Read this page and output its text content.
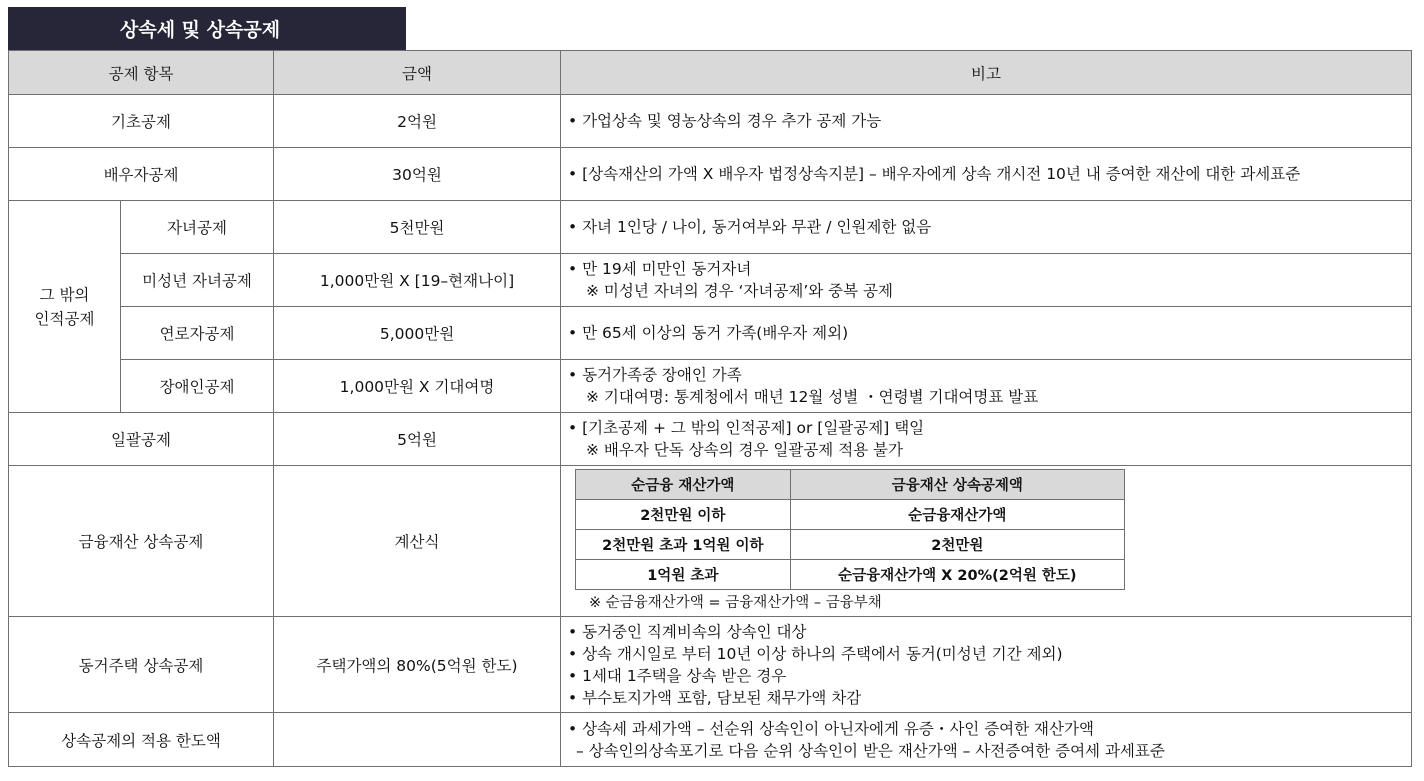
상속세 및 상속공제
공제 항목	금액	비고
기초공제	2억원	• 가업상속 및 영농상속의 경우 추가 공제 가능

배우자공제	30억원	• [상속재산의 가액 X 배우자 법정상속지분] – 배우자에게 상속 개시전 10년 내 증여한 재산에 대한 과세표준

그 밖의
인적공제	자녀공제	5천만원	• 자녀 1인당 / 나이, 동거여부와 무관 / 인원제한 없음

미성년 자녀공제	1,000만원 X [19–현재나이]	
• 만 19세 미만인 동거자녀
※ 미성년 자녀의 경우 ‘자녀공제’와 중복 공제

연로자공제	5,000만원	• 만 65세 이상의 동거 가족(배우자 제외)

장애인공제	1,000만원 X 기대여명	
• 동거가족중 장애인 가족
※ 기대여명: 통계청에서 매년 12월 성별 ・연령별 기대여명표 발표

일괄공제	5억원	
• [기초공제 + 그 밖의 인적공제] or [일괄공제] 택일
※ 배우자 단독 상속의 경우 일괄공제 적용 불가

금융재산 상속공제	계산식	
순금융 재산가액	금융재산 상속공제액
2천만원 이하	순금융재산가액
2천만원 초과 1억원 이하	2천만원
1억원 초과	순금융재산가액 X 20%(2억원 한도)
※ 순금융재산가액 = 금융재산가액 – 금융부채

동거주택 상속공제	주택가액의 80%(5억원 한도)	
• 동거중인 직계비속의 상속인 대상
• 상속 개시일로 부터 10년 이상 하나의 주택에서 동거(미성년 기간 제외)
• 1세대 1주택을 상속 받은 경우
• 부수토지가액 포함, 담보된 채무가액 차감

상속공제의 적용 한도액		
• 상속세 과세가액 – 선순위 상속인이 아닌자에게 유증・사인 증여한 재산가액
– 상속인의상속포기로 다음 순위 상속인이 받은 재산가액 – 사전증여한 증여세 과세표준
